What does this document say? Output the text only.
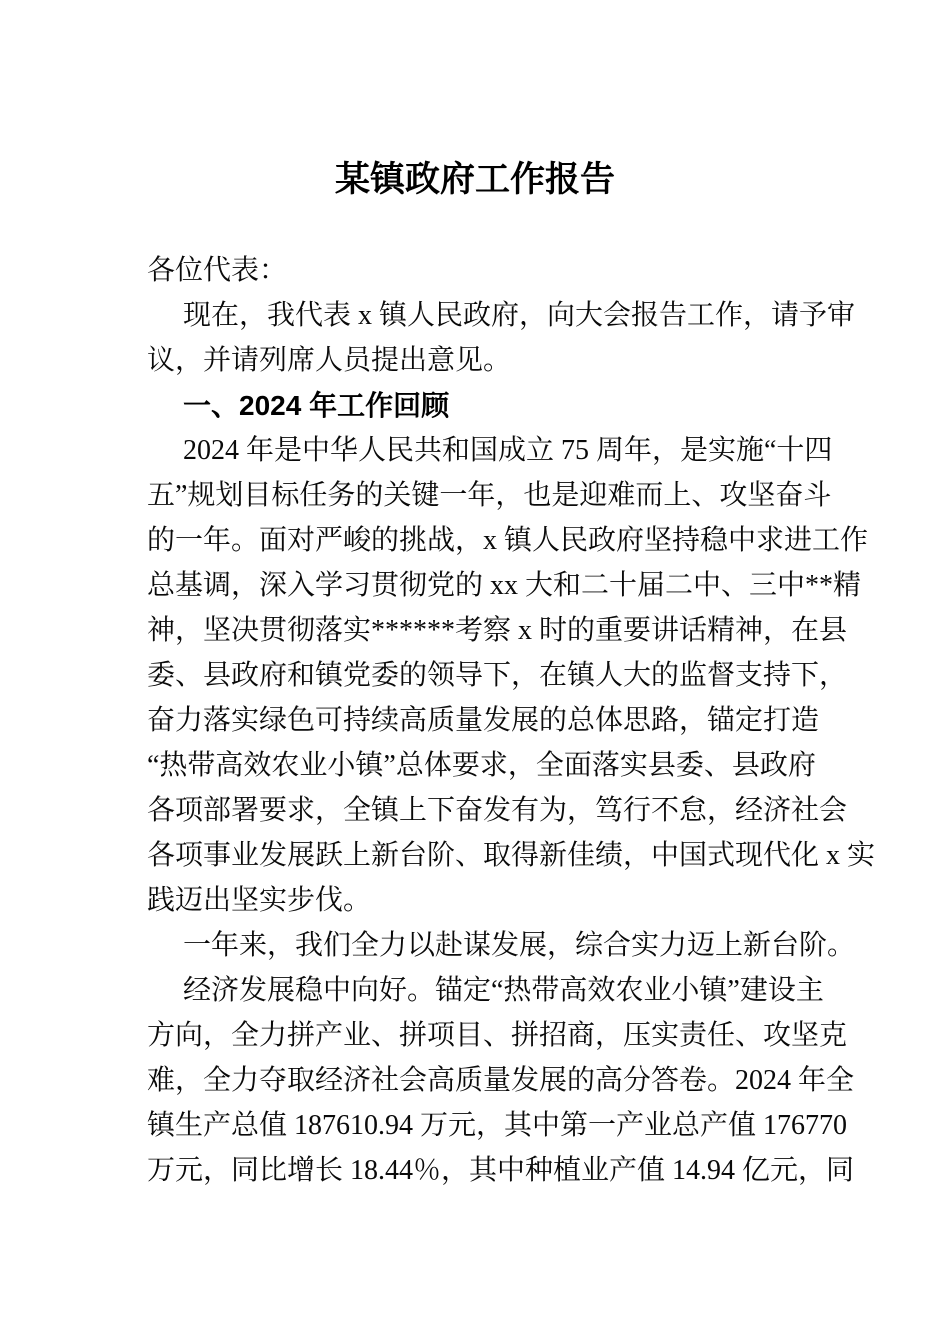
某镇政府工作报告
各位代表：
现在，我代表 x 镇人民政府，向大会报告工作，请予审
议，并请列席人员提出意见。
一、2024 年工作回顾
2024 年是中华人民共和国成立 75 周年，是实施“十四
五”规划目标任务的关键一年，也是迎难而上、攻坚奋斗
的一年。面对严峻的挑战，x 镇人民政府坚持稳中求进工作
总基调，深入学习贯彻党的 xx 大和二十届二中、三中**精
神，坚决贯彻落实******考察 x 时的重要讲话精神，在县
委、县政府和镇党委的领导下，在镇人大的监督支持下，
奋力落实绿色可持续高质量发展的总体思路，锚定打造
“热带高效农业小镇”总体要求，全面落实县委、县政府
各项部署要求，全镇上下奋发有为，笃行不怠，经济社会
各项事业发展跃上新台阶、取得新佳绩，中国式现代化 x 实
践迈出坚实步伐。
一年来，我们全力以赴谋发展，综合实力迈上新台阶。
经济发展稳中向好。锚定“热带高效农业小镇”建设主
方向，全力拼产业、拼项目、拼招商，压实责任、攻坚克
难，全力夺取经济社会高质量发展的高分答卷。2024 年全
镇生产总值 187610.94 万元，其中第一产业总产值 176770
万元，同比增长 18.44％，其中种植业产值 14.94 亿元，同
